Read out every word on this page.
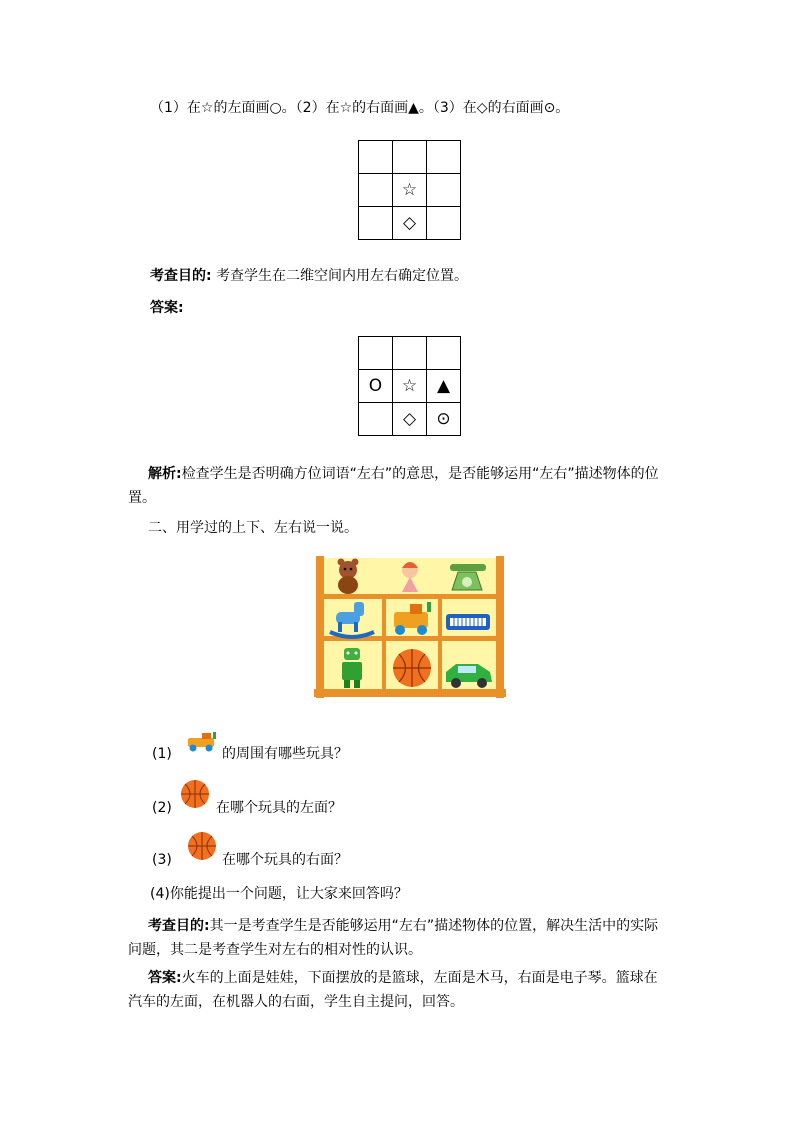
（1）在☆的左面画○。（2）在☆的右面画▲。（3）在◇的右面画⊙。

	☆	
	◇	
考查目的: 考查学生在二维空间内用左右确定位置。
答案:

O	☆	▲
	◇	⊙
解析:检查学生是否明确方位词语“左右”的意思，是否能够运用“左右”描述物体的位置。
二、用学过的上下、左右说一说。
(1)	的周围有哪些玩具？
(2)	在哪个玩具的左面？
(3)	在哪个玩具的右面？
(4)你能提出一个问题，让大家来回答吗？
考查目的:其一是考查学生是否能够运用“左右”描述物体的位置，解决生活中的实际问题，其二是考查学生对左右的相对性的认识。
答案:火车的上面是娃娃，下面摆放的是篮球，左面是木马，右面是电子琴。篮球在汽车的左面，在机器人的右面，学生自主提问，回答。
